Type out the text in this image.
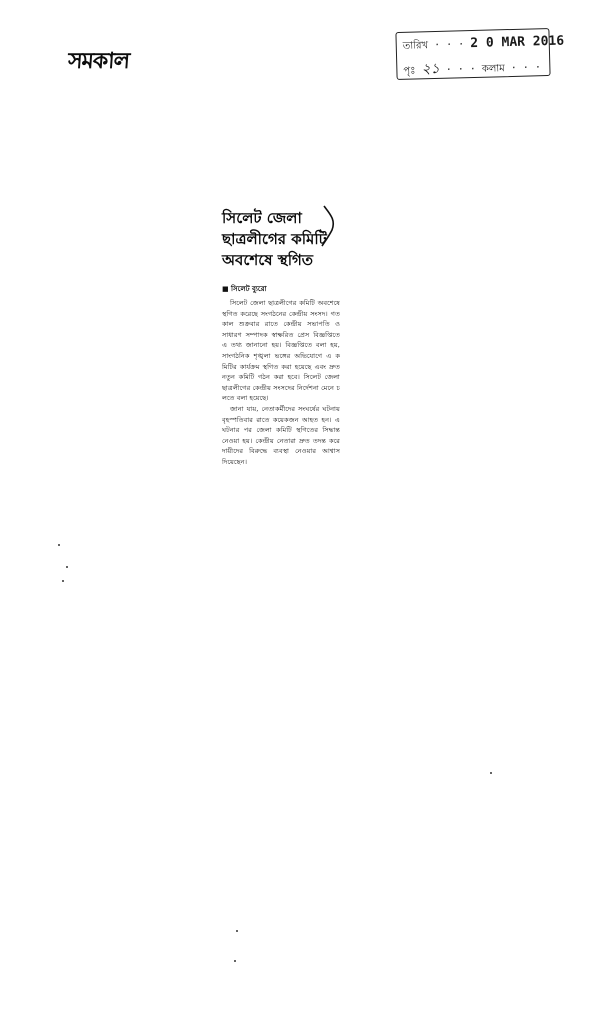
সমকাল
তারিখ · · · 2 0 MAR 2016
পৃঃ ২১ · · · কলাম · · ·
সিলেট জেলা
ছাত্রলীগের কমিটি
অবশেষে স্থগিত
■ সিলেট ব্যুরো

সিলেট জেলা ছাত্রলীগের কমিটি অবশেষে স্থগিত করেছে সংগঠনের কেন্দ্রীয় সংসদ। গতকাল শুক্রবার রাতে কেন্দ্রীয় সভাপতি ও সাধারণ সম্পাদক স্বাক্ষরিত প্রেস বিজ্ঞপ্তিতে এ তথ্য জানানো হয়। বিজ্ঞপ্তিতে বলা হয়, সাংগঠনিক শৃঙ্খলা ভঙ্গের অভিযোগে এ কমিটির কার্যক্রম স্থগিত করা হয়েছে এবং দ্রুত নতুন কমিটি গঠন করা হবে। সিলেট জেলা ছাত্রলীগের কেন্দ্রীয় সংসদের নির্দেশনা মেনে চলতে বলা হয়েছে।

জানা যায়, নেতাকর্মীদের সংঘর্ষের ঘটনায় বৃহস্পতিবার রাতে কয়েকজন আহত হন। এ ঘটনার পর জেলা কমিটি স্থগিতের সিদ্ধান্ত নেওয়া হয়। কেন্দ্রীয় নেতারা দ্রুত তদন্ত করে দায়ীদের বিরুদ্ধে ব্যবস্থা নেওয়ার আশ্বাস দিয়েছেন।
